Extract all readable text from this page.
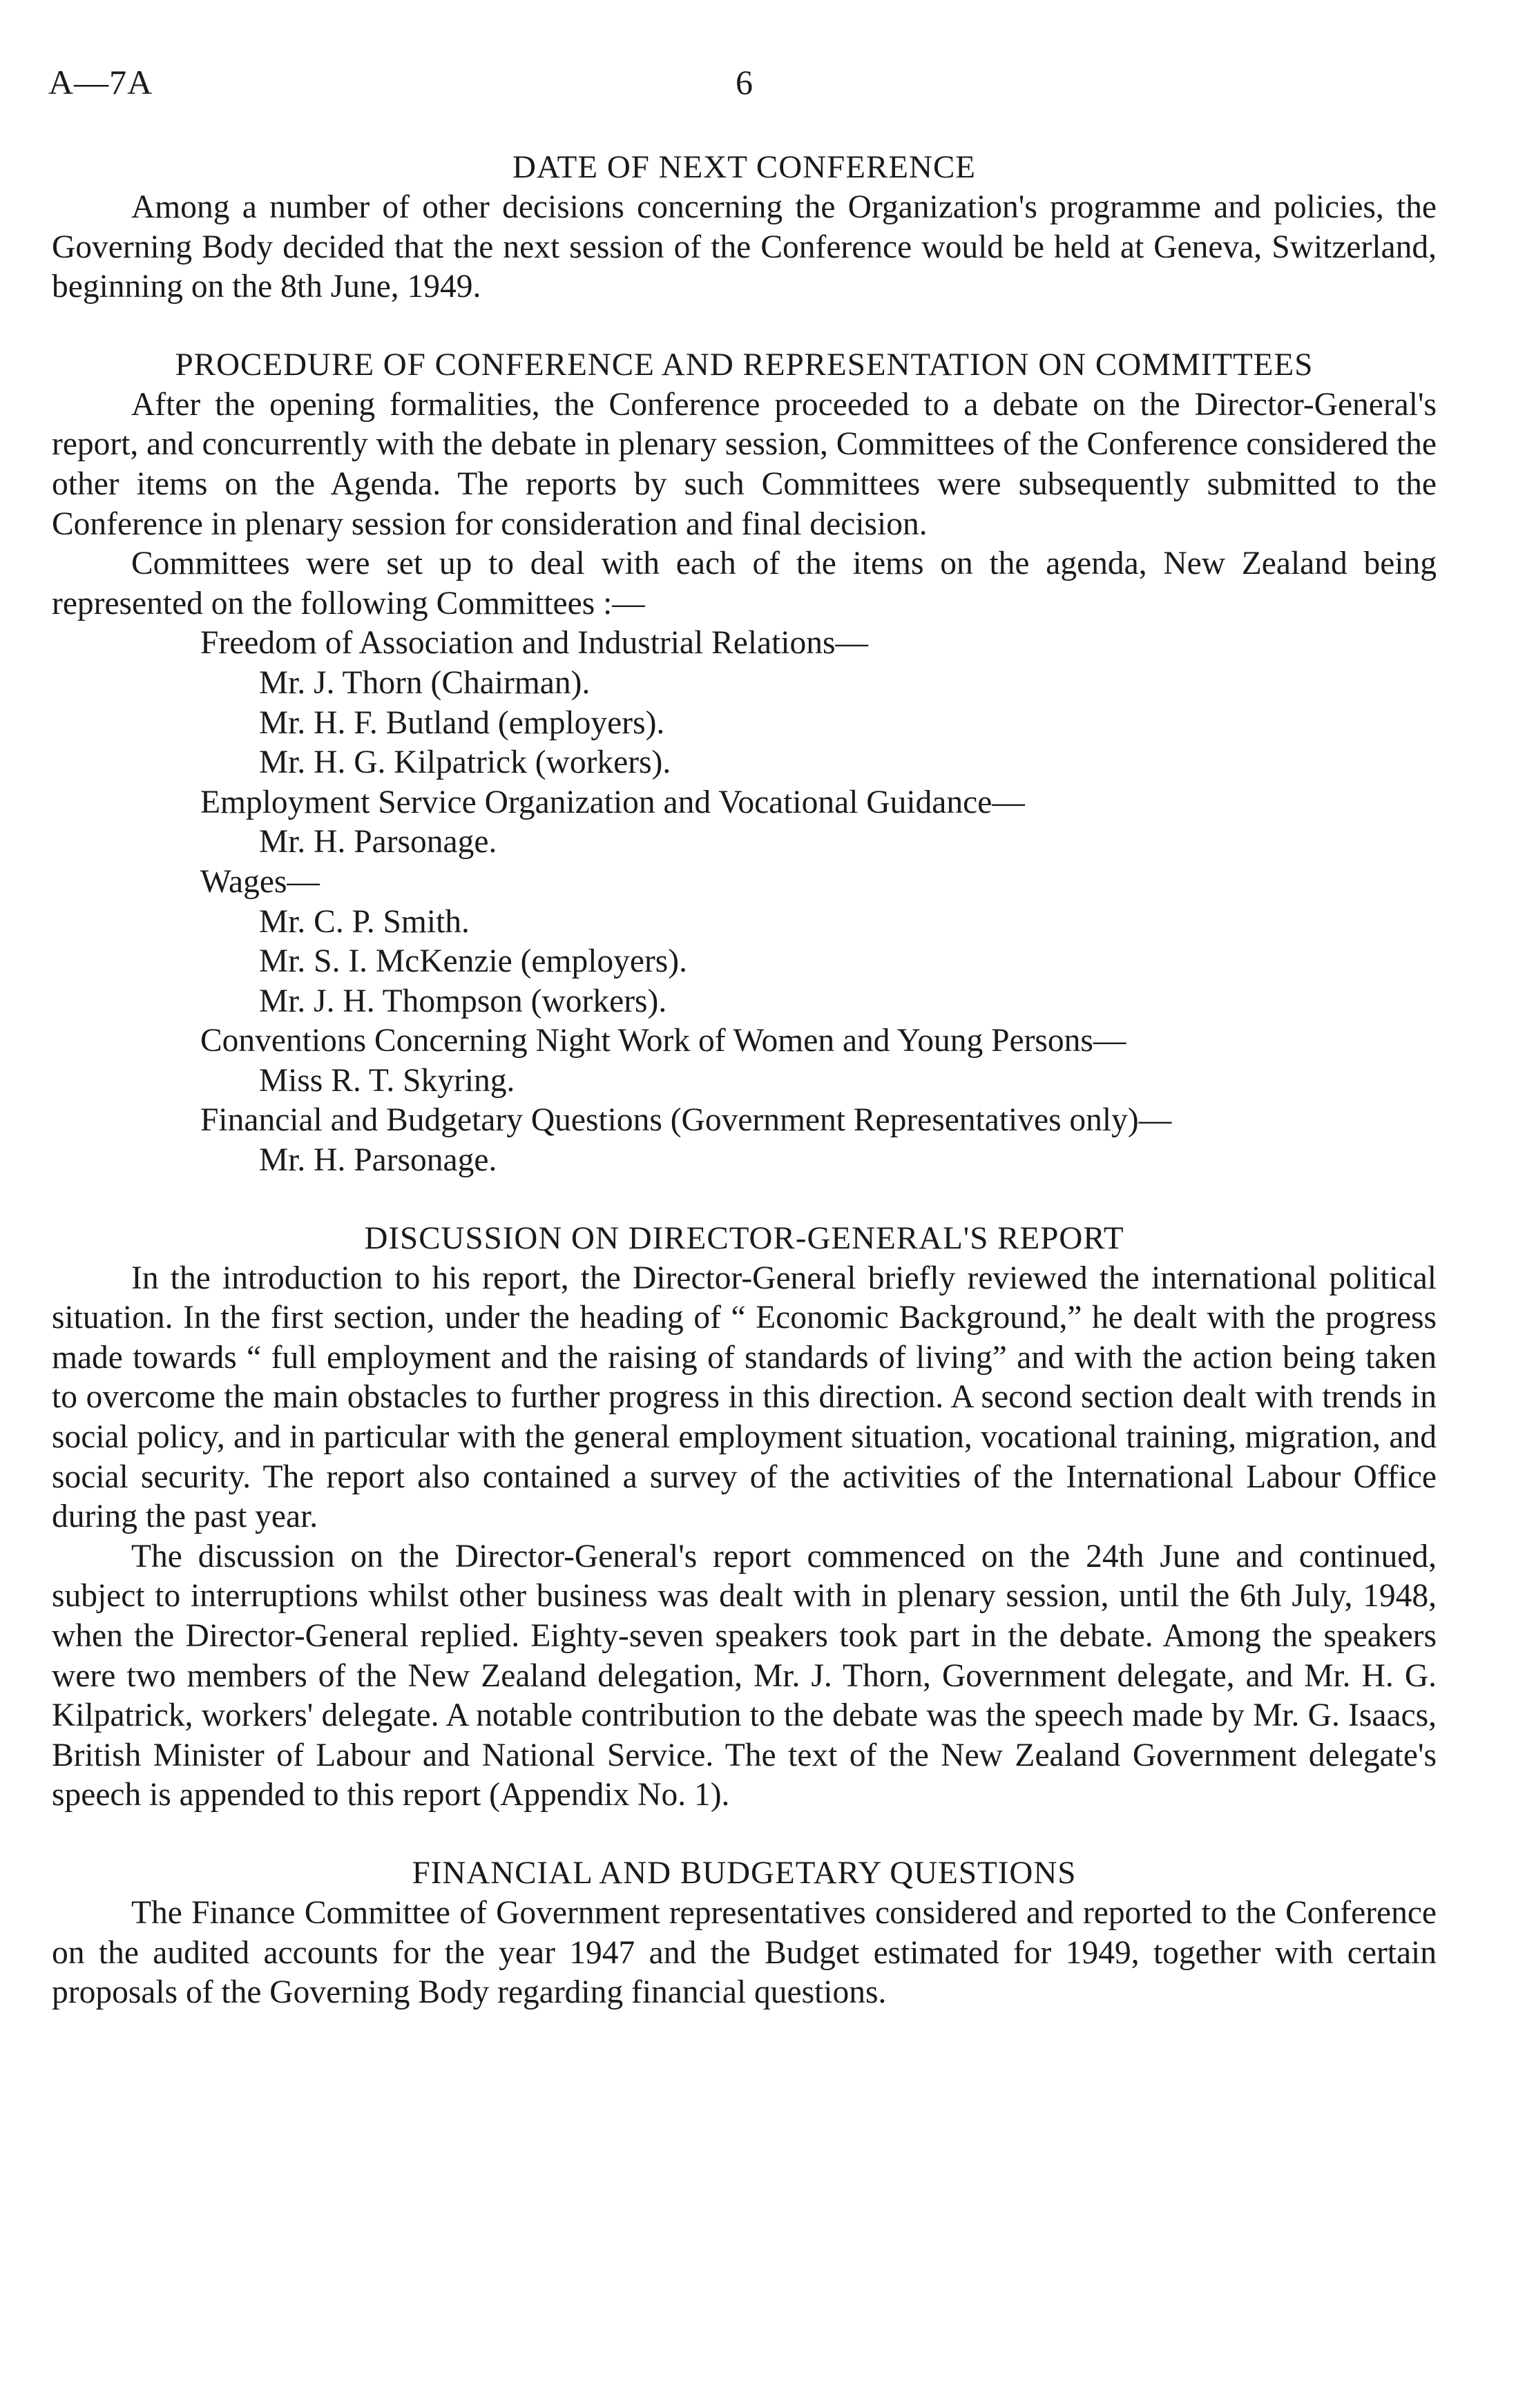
A—7A	6
DATE OF NEXT CONFERENCE

Among a number of other decisions concerning the Organization's programme and policies, the Governing Body decided that the next session of the Conference would be held at Geneva, Switzerland, beginning on the 8th June, 1949.

PROCEDURE OF CONFERENCE AND REPRESENTATION ON COMMITTEES

After the opening formalities, the Conference proceeded to a debate on the Director-General's report, and concurrently with the debate in plenary session, Committees of the Conference considered the other items on the Agenda. The reports by such Committees were subsequently submitted to the Conference in plenary session for consideration and final decision.

Committees were set up to deal with each of the items on the agenda, New Zealand being represented on the following Committees :—

Freedom of Association and Industrial Relations—

Mr. J. Thorn (Chairman).

Mr. H. F. Butland (employers).

Mr. H. G. Kilpatrick (workers).

Employment Service Organization and Vocational Guidance—

Mr. H. Parsonage.

Wages—

Mr. C. P. Smith.

Mr. S. I. McKenzie (employers).

Mr. J. H. Thompson (workers).

Conventions Concerning Night Work of Women and Young Persons—

Miss R. T. Skyring.

Financial and Budgetary Questions (Government Representatives only)—

Mr. H. Parsonage.

DISCUSSION ON DIRECTOR-GENERAL'S REPORT

In the introduction to his report, the Director-General briefly reviewed the international political situation. In the first section, under the heading of “ Economic Background,” he dealt with the progress made towards “ full employment and the raising of standards of living” and with the action being taken to overcome the main obstacles to further progress in this direction. A second section dealt with trends in social policy, and in particular with the general employment situation, vocational training, migration, and social security. The report also contained a survey of the activities of the International Labour Office during the past year.

The discussion on the Director-General's report commenced on the 24th June and continued, subject to interruptions whilst other business was dealt with in plenary session, until the 6th July, 1948, when the Director-General replied. Eighty-seven speakers took part in the debate. Among the speakers were two members of the New Zealand delegation, Mr. J. Thorn, Government delegate, and Mr. H. G. Kilpatrick, workers' delegate. A notable contribution to the debate was the speech made by Mr. G. Isaacs, British Minister of Labour and National Service. The text of the New Zealand Government delegate's speech is appended to this report (Appendix No. 1).

FINANCIAL AND BUDGETARY QUESTIONS

The Finance Committee of Government representatives considered and reported to the Conference on the audited accounts for the year 1947 and the Budget estimated for 1949, together with certain proposals of the Governing Body regarding financial questions.
